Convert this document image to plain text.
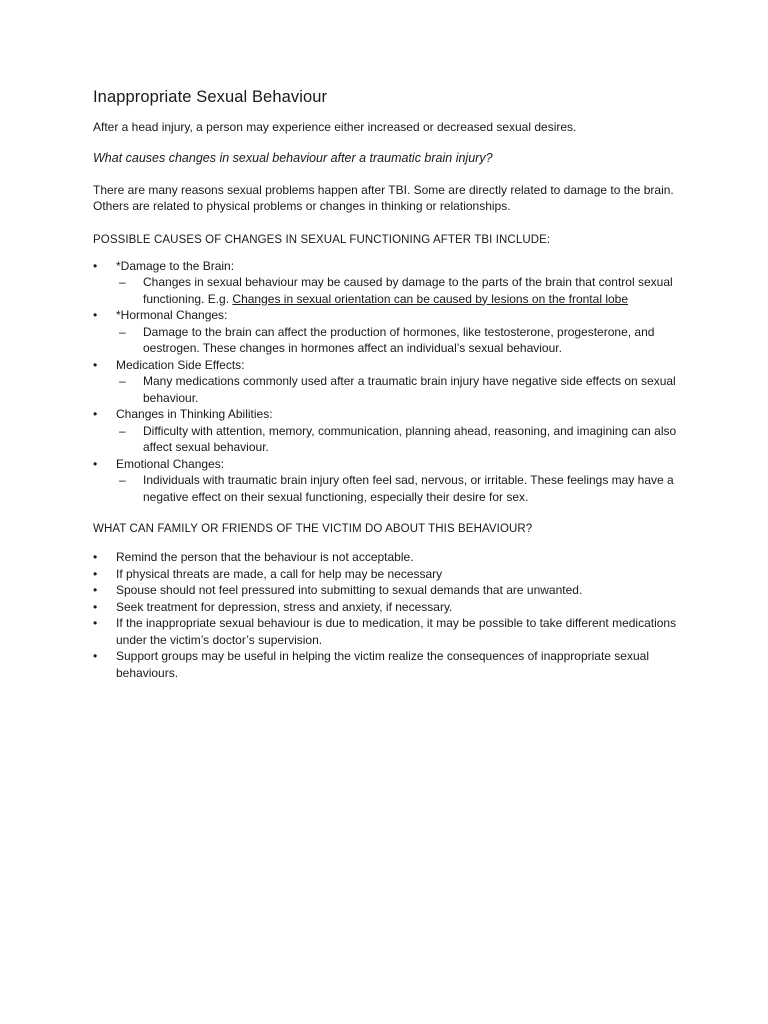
Inappropriate Sexual Behaviour

After a head injury, a person may experience either increased or decreased sexual desires.

What causes changes in sexual behaviour after a traumatic brain injury?

There are many reasons sexual problems happen after TBI. Some are directly related to damage to the brain. Others are related to physical problems or changes in thinking or relationships.

POSSIBLE CAUSES OF CHANGES IN SEXUAL FUNCTIONING AFTER TBI INCLUDE:
• *Damage to the Brain:
– Changes in sexual behaviour may be caused by damage to the parts of the brain that control sexual functioning. E.g. Changes in sexual orientation can be caused by lesions on the frontal lobe
• *Hormonal Changes:
– Damage to the brain can affect the production of hormones, like testosterone, progesterone, and oestrogen. These changes in hormones affect an individual’s sexual behaviour.
• Medication Side Effects:
– Many medications commonly used after a traumatic brain injury have negative side effects on sexual behaviour.
• Changes in Thinking Abilities:
– Difficulty with attention, memory, communication, planning ahead, reasoning, and imagining can also affect sexual behaviour.
• Emotional Changes:
– Individuals with traumatic brain injury often feel sad, nervous, or irritable. These feelings may have a negative effect on their sexual functioning, especially their desire for sex.
WHAT CAN FAMILY OR FRIENDS OF THE VICTIM DO ABOUT THIS BEHAVIOUR?
• Remind the person that the behaviour is not acceptable.
• If physical threats are made, a call for help may be necessary
• Spouse should not feel pressured into submitting to sexual demands that are unwanted.
• Seek treatment for depression, stress and anxiety, if necessary.
• If the inappropriate sexual behaviour is due to medication, it may be possible to take different medications under the victim’s doctor’s supervision.
• Support groups may be useful in helping the victim realize the consequences of inappropriate sexual behaviours.
